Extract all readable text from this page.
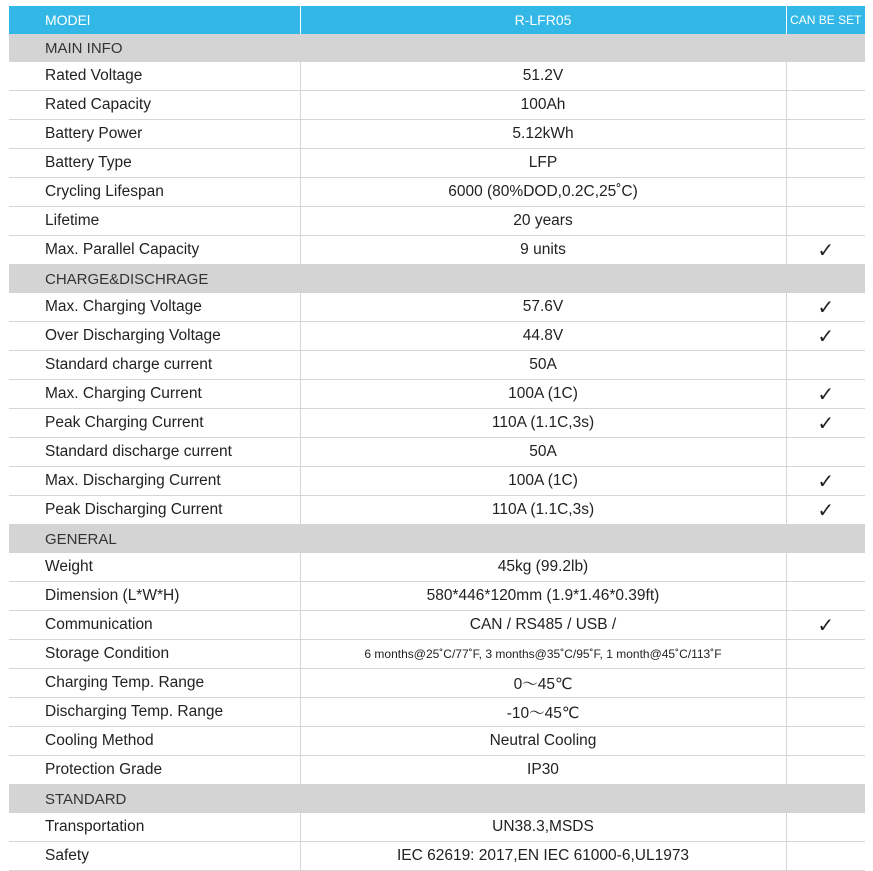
MODEl	R-LFR05	CAN BE SET
MAIN INFO		
Rated Voltage	51.2V	
Rated Capacity	100Ah	
Battery Power	5.12kWh	
Battery Type	LFP	
Crycling Lifespan	6000 (80%DOD,0.2C,25˚C)	
Lifetime	20 years	
Max. Parallel Capacity	9 units	✓
CHARGE&DISCHRAGE		
Max. Charging Voltage	57.6V	✓
Over Discharging Voltage	44.8V	✓
Standard charge current	50A	
Max. Charging Current	100A (1C)	✓
Peak Charging Current	110A (1.1C,3s)	✓
Standard discharge current	50A	
Max. Discharging Current	100A (1C)	✓
Peak Discharging Current	110A (1.1C,3s)	✓
GENERAL		
Weight	45kg (99.2lb)	
Dimension (L*W*H)	580*446*120mm (1.9*1.46*0.39ft)	
Communication	CAN / RS485 / USB /	✓
Storage Condition	6 months@25˚C/77˚F, 3 months@35˚C/95˚F, 1 month@45˚C/113˚F	
Charging Temp. Range	0～45℃	
Discharging Temp. Range	-10～45℃	
Cooling Method	Neutral Cooling	
Protection Grade	IP30	
STANDARD		
Transportation	UN38.3,MSDS	
Safety	IEC 62619: 2017,EN IEC 61000-6,UL1973	
